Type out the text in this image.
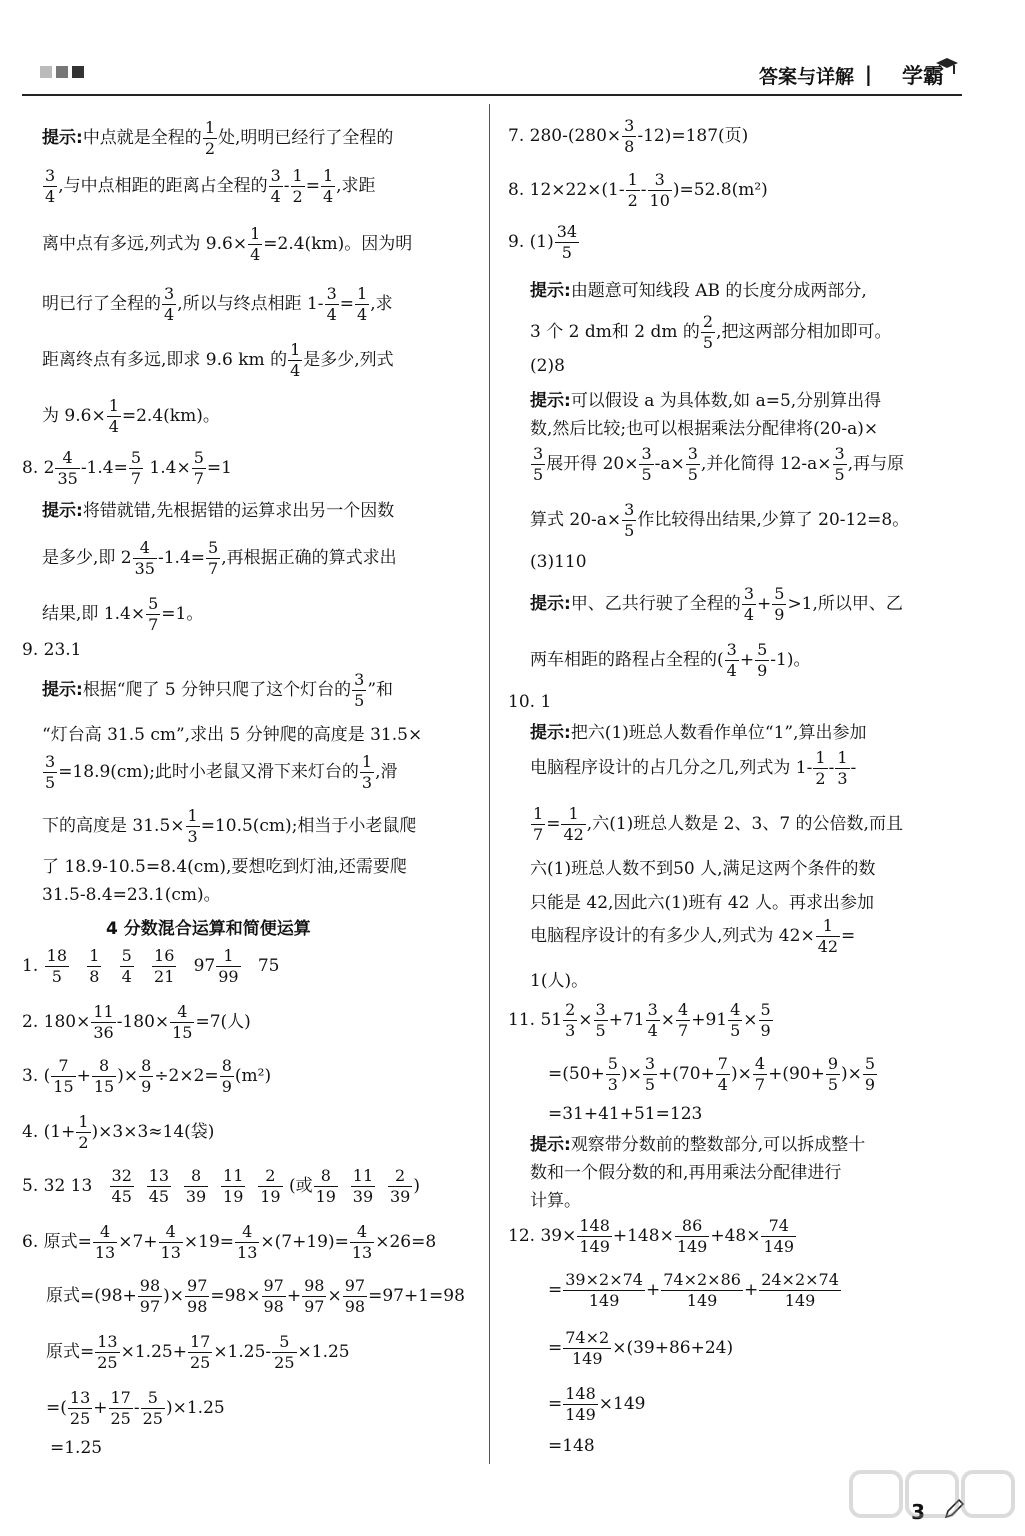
答案与详解 | 学霸
提示:中点就是全程的 $\frac{1}{2}$ 处,明明已经行了全程的
$\frac{3}{4}$ ,与中点相距的距离占全程的 $\frac{3}{4} - \frac{1}{2} = \frac{1}{4}$ ,求距
离中点有多远,列式为 $9.6\times \frac{1}{4} =2.4(km)$。因为明
明已行了全程的 $\frac{3}{4}$ ,所以与终点相距 $1- \frac{3}{4} = \frac{1}{4}$ ,求
距离终点有多远,即求 9.6 km 的 $\frac{1}{4}$ 是多少,列式
为 $9.6\times \frac{1}{4} =2.4(km)$。
8. $2 \frac{4}{35} -1.4= \frac{5}{7} 1.4\times \frac{5}{7} =1$
提示:将错就错,先根据错的运算求出另一个因数
是多少,即 $2 \frac{4}{35} -1.4= \frac{5}{7}$ ,再根据正确的算式求出
结果,即 $1.4\times \frac{5}{7} =1$。
9. 23.1
提示:根据“爬了 5 分钟只爬了这个灯台的 $\frac{3}{5}$ ”和
“灯台高 31.5 cm”,求出 5 分钟爬的高度是 31.5×
$\frac{3}{5} =18.9(cm)$;此时小老鼠又滑下来灯台的 $\frac{1}{3}$ ,滑
下的高度是 $31.5\times \frac{1}{3} =10.5(cm)$;相当于小老鼠爬
了 18.9-10.5=8.4(cm),要想吃到灯油,还需要爬
31.5-8.4=23.1(cm)。
4 分数混合运算和简便运算
1. $\frac{18}{5}$
$\frac{1}{8}$
$\frac{5}{4}$
$\frac{16}{21} 97 \frac{1}{99} 75$
2. $180\times \frac{11}{36} -180\times \frac{4}{15} =7$(人)
3. ( $\frac{7}{15} + \frac{8}{15}$ )× $\frac{8}{9} \div 2\times 2= \frac{8}{9} (m^2)$
4. $(1+ \frac{1}{2} )\times 3\times 3\approx 14$(袋)
5. 32 $13 \frac{32}{45}$
$\frac{13}{45}$
$\frac{8}{39}$
$\frac{11}{19}$
$\frac{2}{19}$ (或 $\frac{8}{19}$
$\frac{11}{39}$
$\frac{2}{39}$ )
6. 原式= $\frac{4}{13} \times 7+ \frac{4}{13} \times 19= \frac{4}{13} \times(7+19)= \frac{4}{13} \times 26=8$
原式$=(98+ \frac{98}{97}$ )× $\frac{97}{98} =98\times \frac{97}{98} + \frac{98}{97} \times \frac{97}{98} =97+1=98$
原式= $\frac{13}{25} \times 1.25+ \frac{17}{25} \times 1.25- \frac{5}{25} \times 1.25$
=( $\frac{13}{25} + \frac{17}{25} - \frac{5}{25} )\times 1.25$
=1.25
7. $280-(280\times \frac{3}{8} -12)=187$(页)
8. $12\times 22\times(1- \frac{1}{2} - \frac{3}{10} )=52.8(m^2)$
9. $(1) \frac{34}{5}$
提示:由题意可知线段 AB 的长度分成两部分,
3 个 2 dm和 2 dm 的 $\frac{2}{5}$ ,把这两部分相加即可。
(2)8
提示:可以假设 a 为具体数,如 a=5,分别算出得
数,然后比较;也可以根据乘法分配律将(20-a)×
$\frac{3}{5}$ 展开得 $20\times \frac{3}{5} -a\times \frac{3}{5}$ ,并化简得 $12-a\times \frac{3}{5}$ ,再与原
算式 $20-a\times \frac{3}{5}$ 作比较得出结果,少算了 20-12=8。
(3)110
提示:甲、乙共行驶了全程的 $\frac{3}{4} + \frac{5}{9} >1$,所以甲、乙
两车相距的路程占全程的( $\frac{3}{4} + \frac{5}{9} -1$)。
10. 1
提示:把六(1)班总人数看作单位“1”,算出参加
电脑程序设计的占几分之几,列式为 $1- \frac{1}{2} - \frac{1}{3}$ -
$\frac{1}{7} = \frac{1}{42}$ ,六(1)班总人数是 2、3、7 的公倍数,而且
六(1)班总人数不到50 人,满足这两个条件的数
只能是 42,因此六(1)班有 42 人。再求出参加
电脑程序设计的有多少人,列式为 $42\times \frac{1}{42}$ =
1(人)。
11. $51 \frac{2}{3} \times \frac{3}{5} +71 \frac{3}{4} \times \frac{4}{7} +91 \frac{4}{5} \times \frac{5}{9}$
$=(50+ \frac{5}{3}$ )× $\frac{3}{5} +(70+ \frac{7}{4}$ )× $\frac{4}{7} +(90+ \frac{9}{5}$ )× $\frac{5}{9}$
=31+41+51=123
提示:观察带分数前的整数部分,可以拆成整十
数和一个假分数的和,再用乘法分配律进行
计算。
12. $39\times \frac{148}{149} +148\times \frac{86}{149} +48\times \frac{74}{149}$
= $\frac{39\times 2\times 74}{149} + \frac{74\times 2\times 86}{149} + \frac{24\times 2\times 74}{149}$
= $\frac{74\times 2}{149} \times(39+86+24)$
= $\frac{148}{149} \times 149$
=148
3
